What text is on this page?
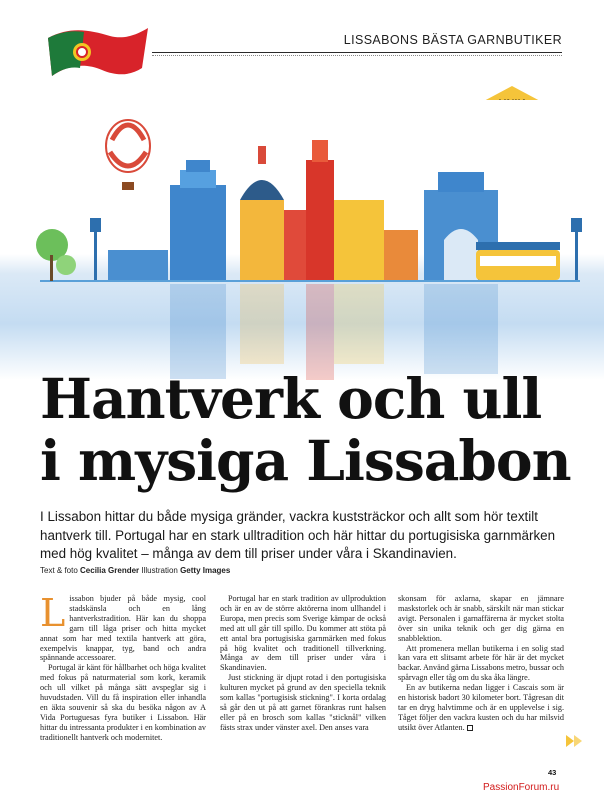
LISSABONS BÄSTA GARNBUTIKER
Hantverk och ull
i mysiga Lissabon

I Lissabon hittar du både mysiga gränder, vackra kuststräckor och allt som hör textilt hantverk till. Portugal har en stark ulltradition och här hittar du portugisiska garnmärken med hög kvalitet – många av dem till priser under våra i Skandinavien.

Text & foto Cecilia Grender Illustration Getty Images

Lissabon bjuder på både mysig, cool stadskänsla och en lång hantverkstradition. Här kan du shoppa garn till låga priser och hitta mycket annat som har med textila hantverk att göra, exempelvis knappar, tyg, band och andra spännande accessoarer.

Portugal är känt för hållbarhet och höga kvalitet med fokus på naturmaterial som kork, keramik och ull vilket på många sätt avspeglar sig i huvudstaden. Vill du få inspiration eller inhandla en äkta souvenir så ska du besöka någon av A Vida Portuguesas fyra butiker i Lissabon. Här hittar du intressanta produkter i en kombination av traditionellt hantverk och modernitet.

Portugal har en stark tradition av ullproduktion och är en av de större aktörerna inom ullhandel i Europa, men precis som Sverige kämpar de också med att ull går till spillo. Du kommer att stöta på ett antal bra portugisiska garnmärken med fokus på hög kvalitet och traditionell tillverkning. Många av dem till priser under våra i Skandinavien.

Just stickning är djupt rotad i den portugisiska kulturen mycket på grund av den speciella teknik som kallas "portugisisk stickning". I korta ordalag så går den ut på att garnet förankras runt halsen eller på en brosch som kallas "sticknål" vilken fästs strax under vänster axel. Den anses vara

skonsam för axlarna, skapar en jämnare maskstorlek och är snabb, särskilt när man stickar avigt. Personalen i garnaffärerna är mycket stolta över sin unika teknik och ger dig gärna en snabblektion.

Att promenera mellan butikerna i en solig stad kan vara ett slitsamt arbete för här är det mycket backar. Använd gärna Lissabons metro, bussar och spårvagn eller tåg om du ska åka längre.

En av butikerna nedan ligger i Cascais som är en historisk badort 30 kilometer bort. Tågresan dit tar en dryg halvtimme och är en upplevelse i sig. Tåget följer den vackra kusten och du har milsvid utsikt över Atlanten.

43
PassionForum.ru
